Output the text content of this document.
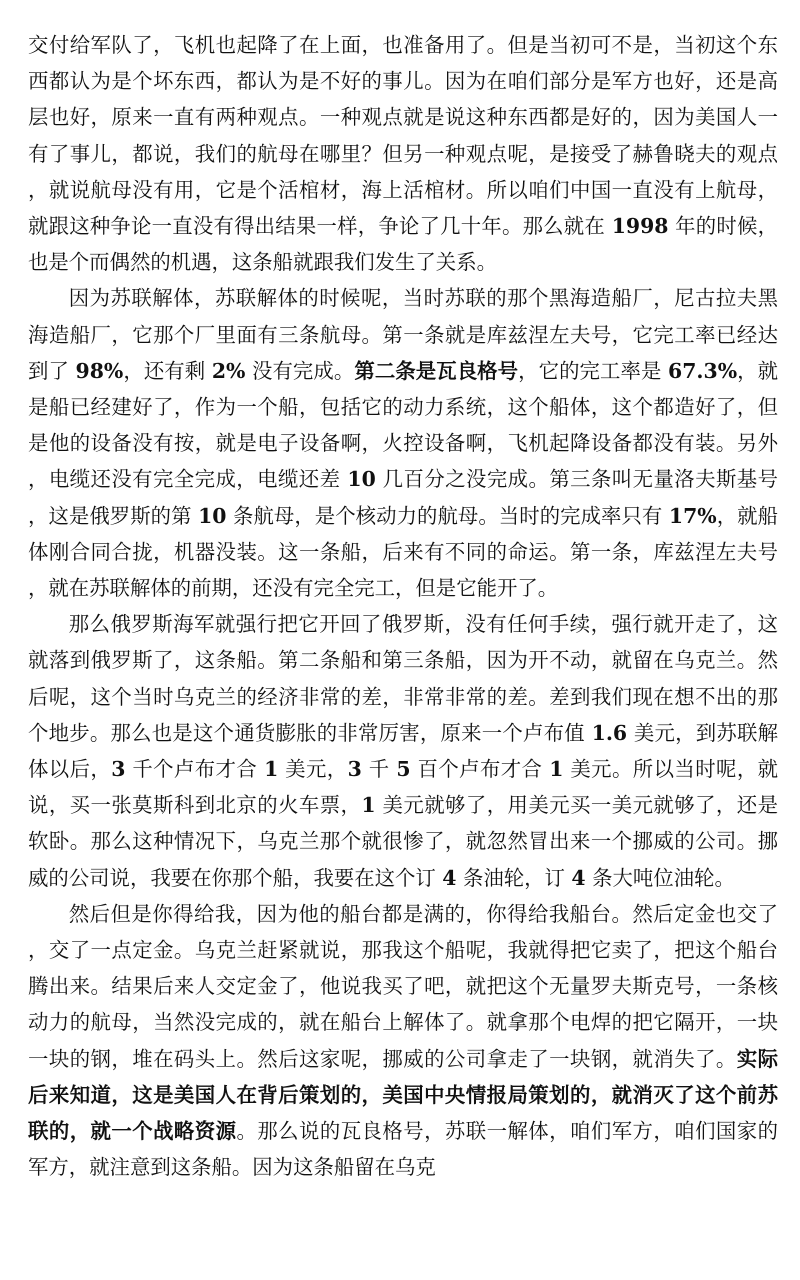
交付给军队了，飞机也起降了在上面，也准备用了。但是当初可不是，当初这个东西都认为是个坏东西，都认为是不好的事儿。因为在咱们部分是军方也好，还是高层也好，原来一直有两种观点。一种观点就是说这种东西都是好的，因为美国人一有了事儿，都说，我们的航母在哪里？但另一种观点呢，是接受了赫鲁晓夫的观点，就说航母没有用，它是个活棺材，海上活棺材。所以咱们中国一直没有上航母，就跟这种争论一直没有得出结果一样，争论了几十年。那么就在 1998 年的时候，也是个而偶然的机遇，这条船就跟我们发生了关系。

因为苏联解体，苏联解体的时候呢，当时苏联的那个黑海造船厂，尼古拉夫黑海造船厂，它那个厂里面有三条航母。第一条就是库兹涅左夫号，它完工率已经达到了 98%，还有剩 2% 没有完成。第二条是瓦良格号，它的完工率是 67.3%，就是船已经建好了，作为一个船，包括它的动力系统，这个船体，这个都造好了，但是他的设备没有按，就是电子设备啊，火控设备啊，飞机起降设备都没有装。另外，电缆还没有完全完成，电缆还差 10 几百分之没完成。第三条叫无量洛夫斯基号，这是俄罗斯的第 10 条航母，是个核动力的航母。当时的完成率只有 17%，就船体刚合同合拢，机器没装。这一条船，后来有不同的命运。第一条，库兹涅左夫号，就在苏联解体的前期，还没有完全完工，但是它能开了。

那么俄罗斯海军就强行把它开回了俄罗斯，没有任何手续，强行就开走了，这就落到俄罗斯了，这条船。第二条船和第三条船，因为开不动，就留在乌克兰。然后呢，这个当时乌克兰的经济非常的差，非常非常的差。差到我们现在想不出的那个地步。那么也是这个通货膨胀的非常厉害，原来一个卢布值 1.6 美元，到苏联解体以后，3 千个卢布才合 1 美元，3 千 5 百个卢布才合 1 美元。所以当时呢，就说，买一张莫斯科到北京的火车票，1 美元就够了，用美元买一美元就够了，还是软卧。那么这种情况下，乌克兰那个就很惨了，就忽然冒出来一个挪威的公司。挪威的公司说，我要在你那个船，我要在这个订 4 条油轮，订 4 条大吨位油轮。

然后但是你得给我，因为他的船台都是满的，你得给我船台。然后定金也交了，交了一点定金。乌克兰赶紧就说，那我这个船呢，我就得把它卖了，把这个船台腾出来。结果后来人交定金了，他说我买了吧，就把这个无量罗夫斯克号，一条核动力的航母，当然没完成的，就在船台上解体了。就拿那个电焊的把它隔开，一块一块的钢，堆在码头上。然后这家呢，挪威的公司拿走了一块钢，就消失了。实际后来知道，这是美国人在背后策划的，美国中央情报局策划的，就消灭了这个前苏联的，就一个战略资源。那么说的瓦良格号，苏联一解体，咱们军方，咱们国家的军方，就注意到这条船。因为这条船留在乌克
